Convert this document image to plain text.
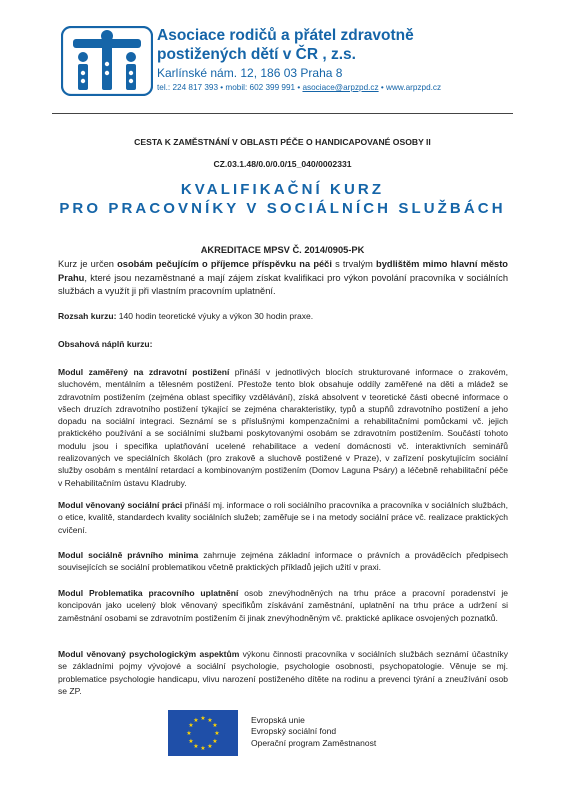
Asociace rodičů a přátel zdravotně
postižených dětí v ČR , z.s.
Karlínské nám. 12, 186 03 Praha 8
tel.: 224 817 393 • mobil: 602 399 991 • asociace@arpzpd.cz • www.arpzpd.cz
CESTA K ZAMĚSTNÁNÍ V OBLASTI PÉČE O HANDICAPOVANÉ OSOBY II
CZ.03.1.48/0.0/0.0/15_040/0002331
KVALIFIKAČNÍ KURZ
PRO PRACOVNÍKY V SOCIÁLNÍCH SLUŽBÁCH
AKREDITACE MPSV Č. 2014/0905-PK
Kurz je určen osobám pečujícím o příjemce příspěvku na péči s trvalým bydlištěm mimo hlavní město Prahu, které jsou nezaměstnané a mají zájem získat kvalifikaci pro výkon povolání pracovníka v sociálních službách a využít ji při vlastním pracovním uplatnění.
Rozsah kurzu: 140 hodin teoretické výuky a výkon 30 hodin praxe.
Obsahová náplň kurzu:
Modul zaměřený na zdravotní postižení přináší v jednotlivých blocích strukturované informace o zrakovém, sluchovém, mentálním a tělesném postižení. Přestože tento blok obsahuje oddíly zaměřené na děti a mládež se zdravotním postižením (zejména oblast specifiky vzdělávání), získá absolvent v teoretické části obecné informace o všech druzích zdravotního postižení týkající se zejména charakteristiky, typů a stupňů zdravotního postižení a jeho dopadu na sociální integraci. Seznámí se s příslušnými kompenzačními a rehabilitačními pomůckami vč. jejich praktického používání a se sociálními službami poskytovanými osobám se zdravotním postižením. Součástí tohoto modulu jsou i specifika uplatňování ucelené rehabilitace a vedení domácnosti vč. interaktivních seminářů realizovaných ve speciálních školách (pro zrakově a sluchově postižené v Praze), v zařízení poskytujícím sociální služby osobám s mentální retardací a kombinovaným postižením (Domov Laguna Psáry) a léčebně rehabilitační péče v Rehabilitačním ústavu Kladruby.
Modul věnovaný sociální práci přináší mj. informace o roli sociálního pracovníka a pracovníka v sociálních službách, o etice, kvalitě, standardech kvality sociálních služeb; zaměřuje se i na metody sociální práce vč. realizace praktických cvičení.
Modul sociálně právního minima zahrnuje zejména základní informace o právních a prováděcích předpisech souvisejících se sociální problematikou včetně praktických příkladů jejich užití v praxi.
Modul Problematika pracovního uplatnění osob znevýhodněných na trhu práce a pracovní poradenství je koncipován jako ucelený blok věnovaný specifikům získávání zaměstnání, uplatnění na trhu práce a udržení si zaměstnání osobami se zdravotním postižením či jinak znevýhodněným vč. praktické aplikace osvojených poznatků.
Modul věnovaný psychologickým aspektům výkonu činnosti pracovníka v sociálních službách seznámí účastníky se základními pojmy vývojové a sociální psychologie, psychologie osobnosti, psychopatologie. Věnuje se mj. problematice psychologie handicapu, vlivu narození postiženého dítěte na rodinu a prevenci týrání a zneužívání osob se ZP.
★ ★
★
★
★
★
★
★
★
★
★
★	Evropská unie
Evropský sociální fond
Operační program Zaměstnanost
